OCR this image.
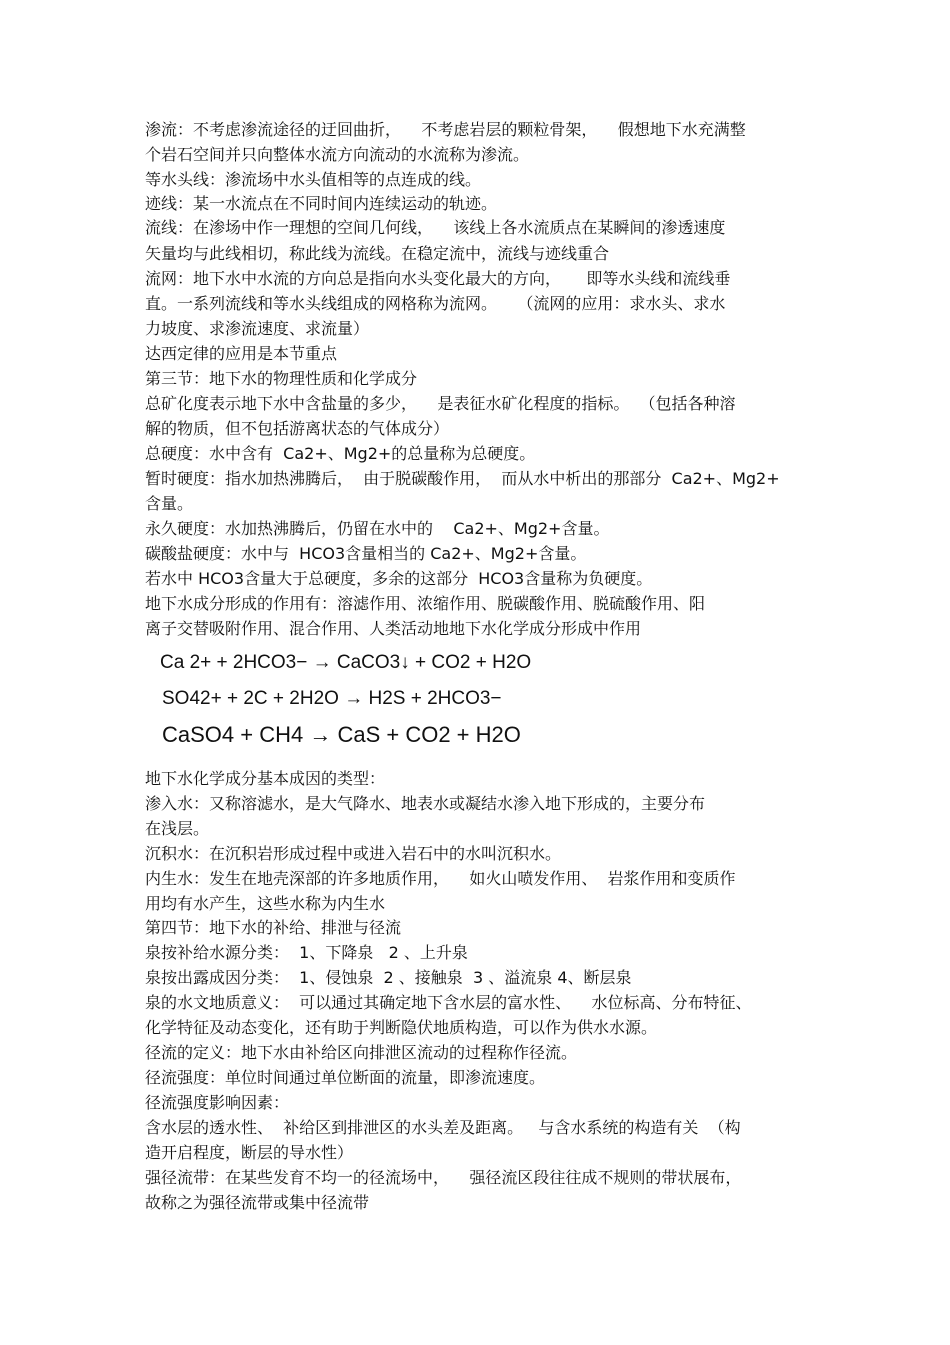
渗流：不考虑渗流途径的迂回曲折，    不考虑岩层的颗粒骨架，    假想地下水充满整
个岩石空间并只向整体水流方向流动的水流称为渗流。
等水头线：渗流场中水头值相等的点连成的线。
迹线：某一水流点在不同时间内连续运动的轨迹。
流线：在渗场中作一理想的空间几何线，    该线上各水流质点在某瞬间的渗透速度
矢量均与此线相切，称此线为流线。在稳定流中，流线与迹线重合
流网：地下水中水流的方向总是指向水头变化最大的方向，     即等水头线和流线垂
直。一系列流线和等水头线组成的网格称为流网。    （流网的应用：求水头、求水
力坡度、求渗流速度、求流量）
达西定律的应用是本节重点
第三节：地下水的物理性质和化学成分
总矿化度表示地下水中含盐量的多少，    是表征水矿化程度的指标。  （包括各种溶
解的物质，但不包括游离状态的气体成分）
总硬度：水中含有  Ca2+、Mg2+的总量称为总硬度。
暂时硬度：指水加热沸腾后，  由于脱碳酸作用，  而从水中析出的那部分  Ca2+、Mg2+
含量。
永久硬度：水加热沸腾后，仍留在水中的    Ca2+、Mg2+含量。
碳酸盐硬度：水中与  HCO3含量相当的 Ca2+、Mg2+含量。
若水中 HCO3含量大于总硬度，多余的这部分  HCO3含量称为负硬度。
地下水成分形成的作用有：溶滤作用、浓缩作用、脱碳酸作用、脱硫酸作用、阳
离子交替吸附作用、混合作用、人类活动地地下水化学成分形成中作用
Ca 2+ + 2HCO3− → CaCO3↓ + CO2 + H2O
SO42+ + 2C + 2H2O → H2S + 2HCO3−
CaSO4 + CH4 → CaS + CO2 + H2O
地下水化学成分基本成因的类型：
渗入水：又称溶滤水，是大气降水、地表水或凝结水渗入地下形成的，主要分布
在浅层。
沉积水：在沉积岩形成过程中或进入岩石中的水叫沉积水。
内生水：发生在地壳深部的许多地质作用，    如火山喷发作用、  岩浆作用和变质作
用均有水产生，这些水称为内生水
第四节：地下水的补给、排泄与径流
泉按补给水源分类：  1、下降泉   2 、上升泉
泉按出露成因分类：  1、侵蚀泉  2 、接触泉  3 、溢流泉 4、断层泉
泉的水文地质意义：  可以通过其确定地下含水层的富水性、    水位标高、分布特征、
化学特征及动态变化，还有助于判断隐伏地质构造，可以作为供水水源。
径流的定义：地下水由补给区向排泄区流动的过程称作径流。
径流强度：单位时间通过单位断面的流量，即渗流速度。
径流强度影响因素：
含水层的透水性、  补给区到排泄区的水头差及距离。   与含水系统的构造有关  （构
造开启程度，断层的导水性）
强径流带：在某些发育不均一的径流场中，    强径流区段往往成不规则的带状展布，
故称之为强径流带或集中径流带
